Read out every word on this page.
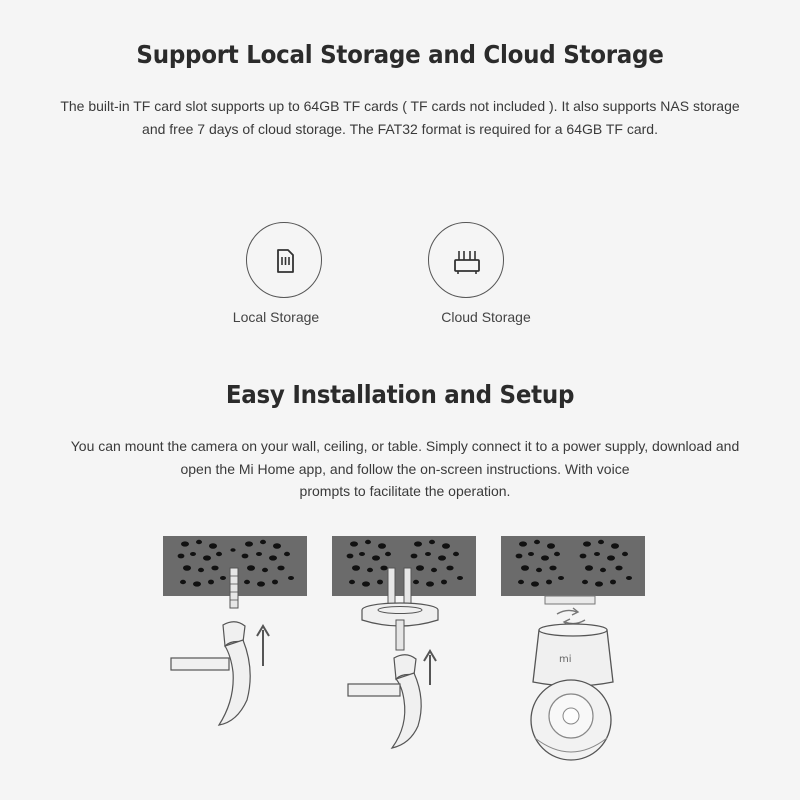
Support Local Storage and Cloud Storage
The built-in TF card slot supports up to 64GB TF cards ( TF cards not included ). It also supports NAS storage
and free 7 days of cloud storage. The FAT32 format is required for a 64GB TF card.
Local Storage	Cloud Storage
Easy Installation and Setup
You can mount the camera on your wall, ceiling, or table. Simply connect it to a power supply, download and
open the Mi Home app, and follow the on-screen instructions. With voice
prompts to facilitate the operation.
mi
